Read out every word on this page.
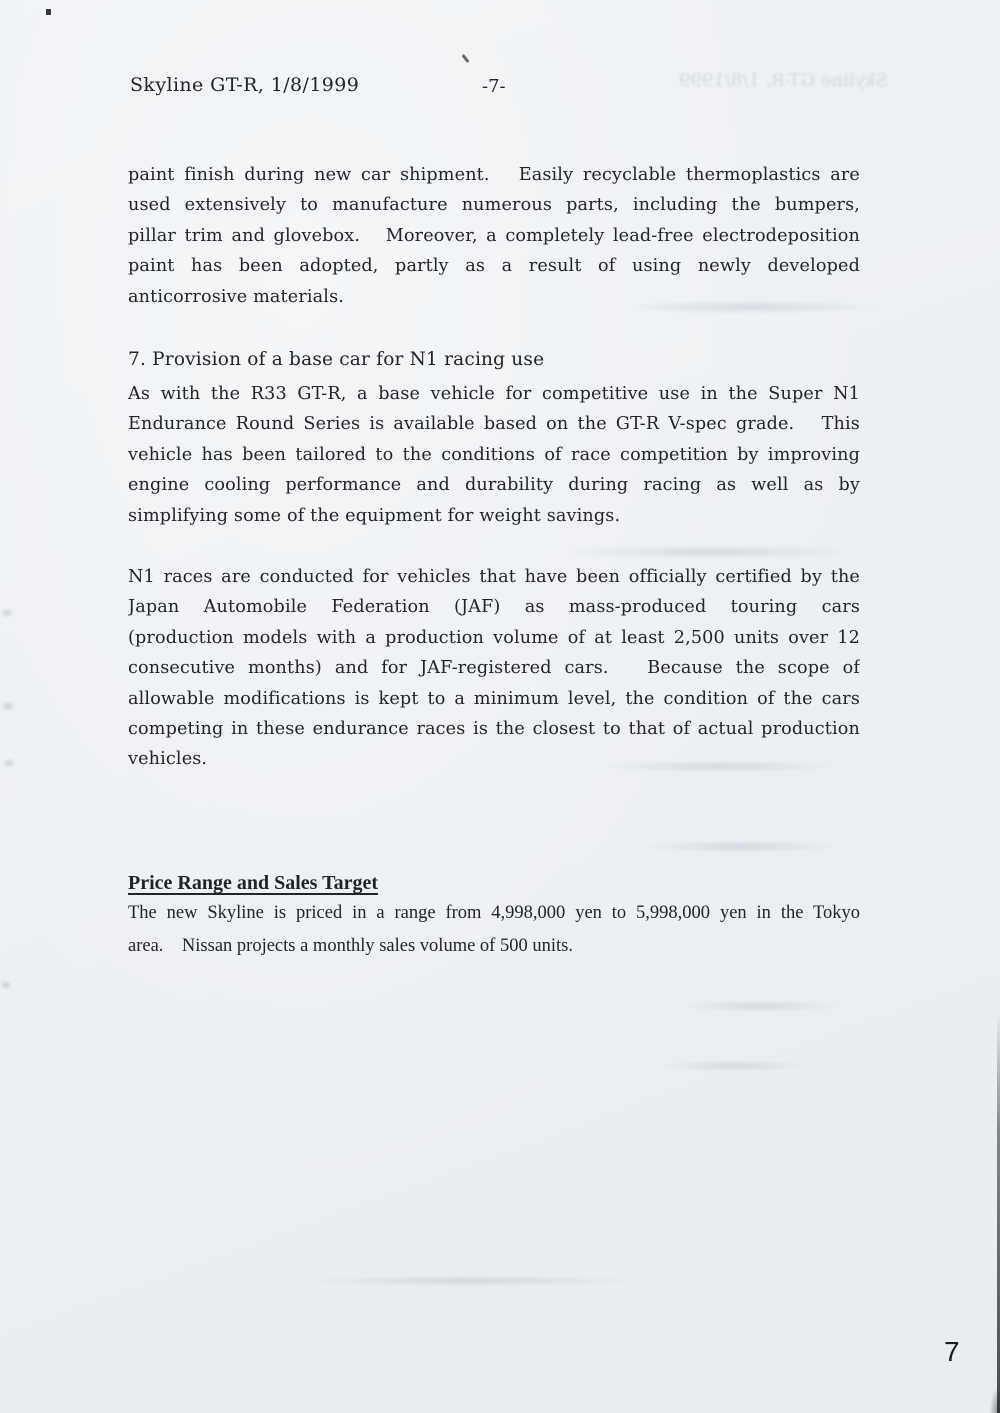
Skyline GT-R, 1/8/1999	-7-	Skyline GT-R, 1/8/1999
paint finish during new car shipment.   Easily recyclable thermoplastics are
used extensively to manufacture numerous parts, including the bumpers,
pillar trim and glovebox.   Moreover, a completely lead-free electrodeposition
paint has been adopted, partly as a result of using newly developed
anticorrosive materials.
7. Provision of a base car for N1 racing use
As with the R33 GT-R, a base vehicle for competitive use in the Super N1
Endurance Round Series is available based on the GT-R V-spec grade.   This
vehicle has been tailored to the conditions of race competition by improving
engine cooling performance and durability during racing as well as by
simplifying some of the equipment for weight savings.
N1 races are conducted for vehicles that have been officially certified by the
Japan  Automobile  Federation  (JAF)  as  mass-produced  touring  cars
(production models with a production volume of at least 2,500 units over 12
consecutive months) and for JAF-registered cars.   Because the scope of
allowable modifications is kept to a minimum level, the condition of the cars
competing in these endurance races is the closest to that of actual production
vehicles.
Price Range and Sales Target
The new Skyline is priced in a range from 4,998,000 yen to 5,998,000 yen in the Tokyo
area.    Nissan projects a monthly sales volume of 500 units.
7
